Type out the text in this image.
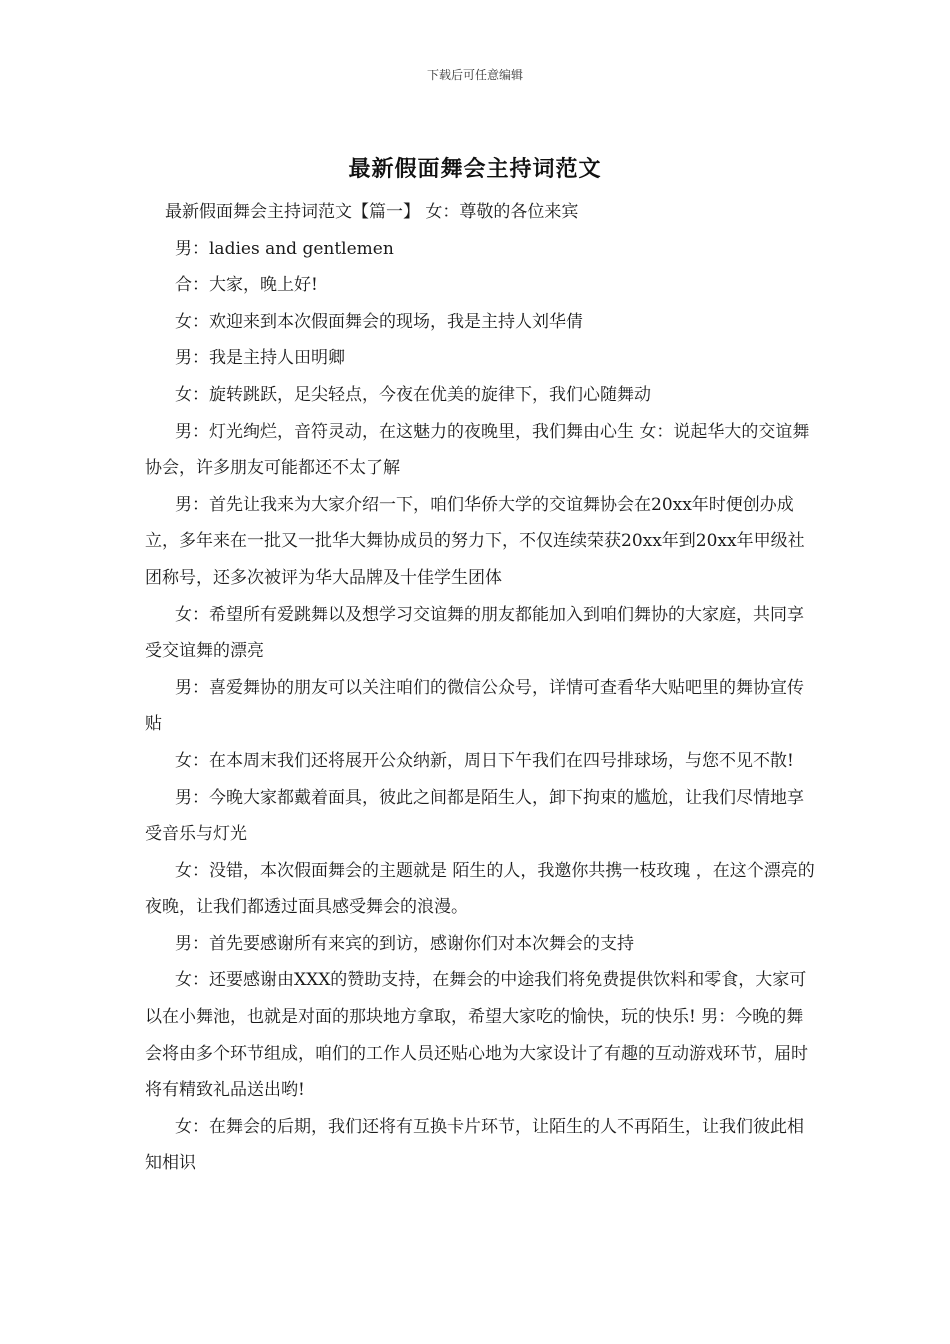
下载后可任意编辑
最新假面舞会主持词范文

最新假面舞会主持词范文【篇一】 女：尊敬的各位来宾

男：ladies and gentlemen

合：大家，晚上好!

女：欢迎来到本次假面舞会的现场，我是主持人刘华倩

男：我是主持人田明卿

女：旋转跳跃，足尖轻点，今夜在优美的旋律下，我们心随舞动

男：灯光绚烂，音符灵动，在这魅力的夜晚里，我们舞由心生 女：说起华大的交谊舞协会，许多朋友可能都还不太了解

男：首先让我来为大家介绍一下，咱们华侨大学的交谊舞协会在20xx年时便创办成立，多年来在一批又一批华大舞协成员的努力下，不仅连续荣获20xx年到20xx年甲级社团称号，还多次被评为华大品牌及十佳学生团体

女：希望所有爱跳舞以及想学习交谊舞的朋友都能加入到咱们舞协的大家庭，共同享受交谊舞的漂亮

男：喜爱舞协的朋友可以关注咱们的微信公众号，详情可查看华大贴吧里的舞协宣传贴

女：在本周末我们还将展开公众纳新，周日下午我们在四号排球场，与您不见不散!

男：今晚大家都戴着面具，彼此之间都是陌生人，卸下拘束的尴尬，让我们尽情地享受音乐与灯光

女：没错，本次假面舞会的主题就是 陌生的人，我邀你共携一枝玫瑰 ，在这个漂亮的夜晚，让我们都透过面具感受舞会的浪漫。

男：首先要感谢所有来宾的到访，感谢你们对本次舞会的支持

女：还要感谢由XXX的赞助支持，在舞会的中途我们将免费提供饮料和零食，大家可以在小舞池，也就是对面的那块地方拿取，希望大家吃的愉快，玩的快乐! 男：今晚的舞会将由多个环节组成，咱们的工作人员还贴心地为大家设计了有趣的互动游戏环节，届时将有精致礼品送出哟!

女：在舞会的后期，我们还将有互换卡片环节，让陌生的人不再陌生，让我们彼此相知相识
